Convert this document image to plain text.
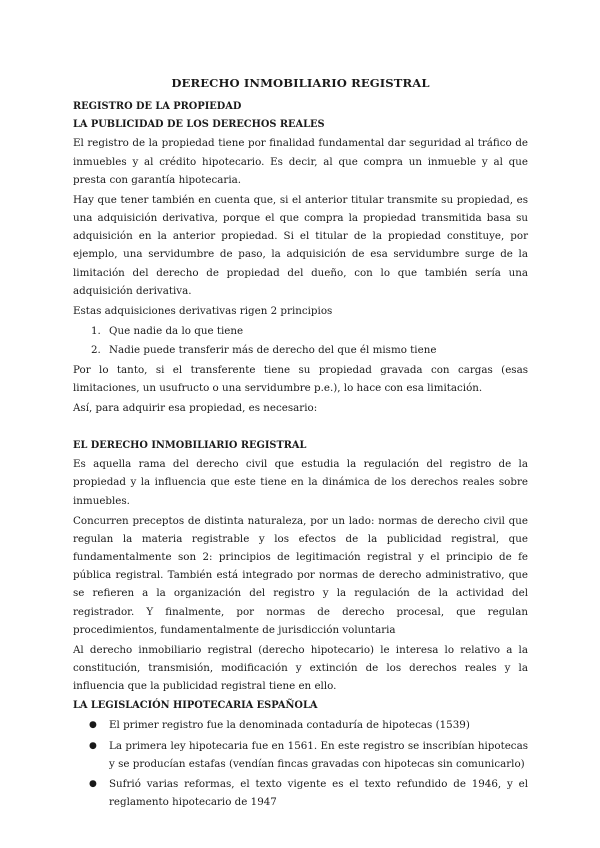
DERECHO INMOBILIARIO REGISTRAL
REGISTRO DE LA PROPIEDAD
LA PUBLICIDAD DE LOS DERECHOS REALES

El registro de la propiedad tiene por finalidad fundamental dar seguridad al tráfico de inmuebles y al crédito hipotecario. Es decir, al que compra un inmueble y al que presta con garantía hipotecaria.

Hay que tener también en cuenta que, si el anterior titular transmite su propiedad, es una adquisición derivativa, porque el que compra la propiedad transmitida basa su adquisición en la anterior propiedad. Si el titular de la propiedad constituye, por ejemplo, una servidumbre de paso, la adquisición de esa servidumbre surge de la limitación del derecho de propiedad del dueño, con lo que también sería una adquisición derivativa.

Estas adquisiciones derivativas rigen 2 principios

1. Que nadie da lo que tiene
2. Nadie puede transferir más de derecho del que él mismo tiene

Por lo tanto, si el transferente tiene su propiedad gravada con cargas (esas limitaciones, un usufructo o una servidumbre p.e.), lo hace con esa limitación.

Así, para adquirir esa propiedad, es necesario:

EL DERECHO INMOBILIARIO REGISTRAL

Es aquella rama del derecho civil que estudia la regulación del registro de la propiedad y la influencia que este tiene en la dinámica de los derechos reales sobre inmuebles.

Concurren preceptos de distinta naturaleza, por un lado: normas de derecho civil que regulan la materia registrable y los efectos de la publicidad registral, que fundamentalmente son 2: principios de legitimación registral y el principio de fe pública registral. También está integrado por normas de derecho administrativo, que se refieren a la organización del registro y la regulación de la actividad del registrador. Y finalmente, por normas de derecho procesal, que regulan procedimientos, fundamentalmente de jurisdicción voluntaria

Al derecho inmobiliario registral (derecho hipotecario) le interesa lo relativo a la constitución, transmisión, modificación y extinción de los derechos reales y la influencia que la publicidad registral tiene en ello.

LA LEGISLACIÓN HIPOTECARIA ESPAÑOLA
● El primer registro fue la denominada contaduría de hipotecas (1539)
● La primera ley hipotecaria fue en 1561. En este registro se inscribían hipotecas y se producían estafas (vendían fincas gravadas con hipotecas sin comunicarlo)
● Sufrió varias reformas, el texto vigente es el texto refundido de 1946, y el reglamento hipotecario de 1947
